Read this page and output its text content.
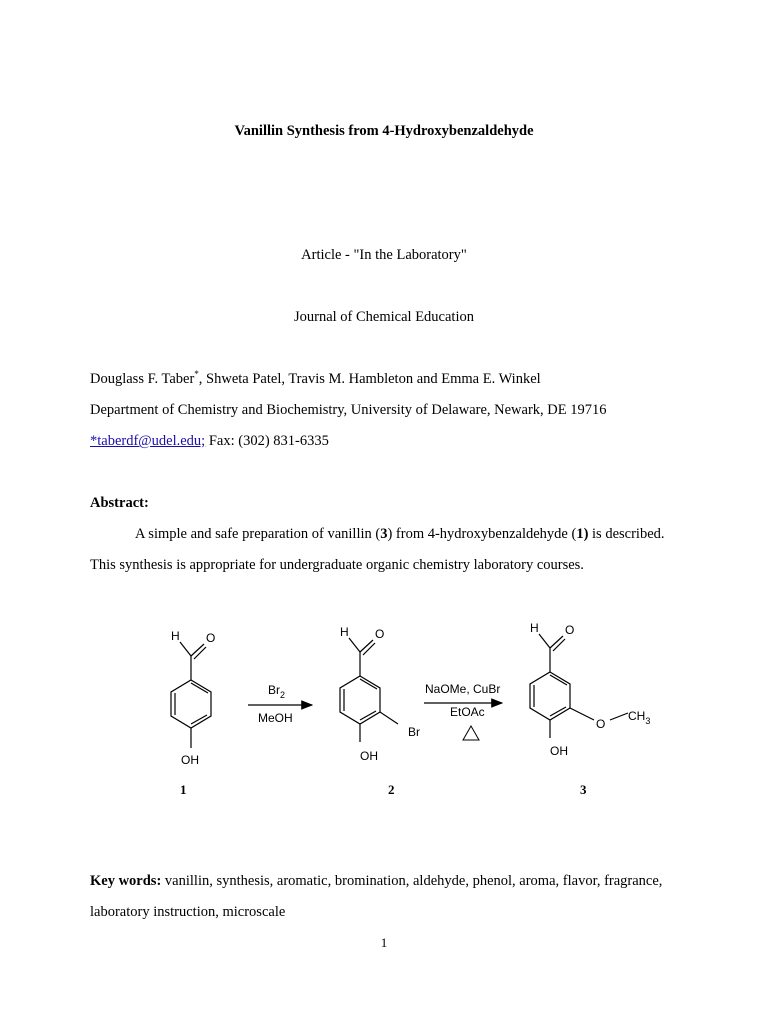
Vanillin Synthesis from 4-Hydroxybenzaldehyde
Article - "In the Laboratory"
Journal of Chemical Education
Douglass F. Taber*, Shweta Patel, Travis M. Hambleton and Emma E. Winkel
Department of Chemistry and Biochemistry, University of Delaware, Newark, DE 19716
*taberdf@udel.edu; Fax: (302) 831-6335
Abstract:
A simple and safe preparation of vanillin (3) from 4-hydroxybenzaldehyde (1) is described.
This synthesis is appropriate for undergraduate organic chemistry laboratory courses.
H O
OH
$Br_2$
MeOH
H O
OH
Br
NaOMe, CuBr
EtOAc
H O
OH
O
$CH_3$
1	2	3
Key words: vanillin, synthesis, aromatic, bromination, aldehyde, phenol, aroma, flavor, fragrance,
laboratory instruction, microscale
1
